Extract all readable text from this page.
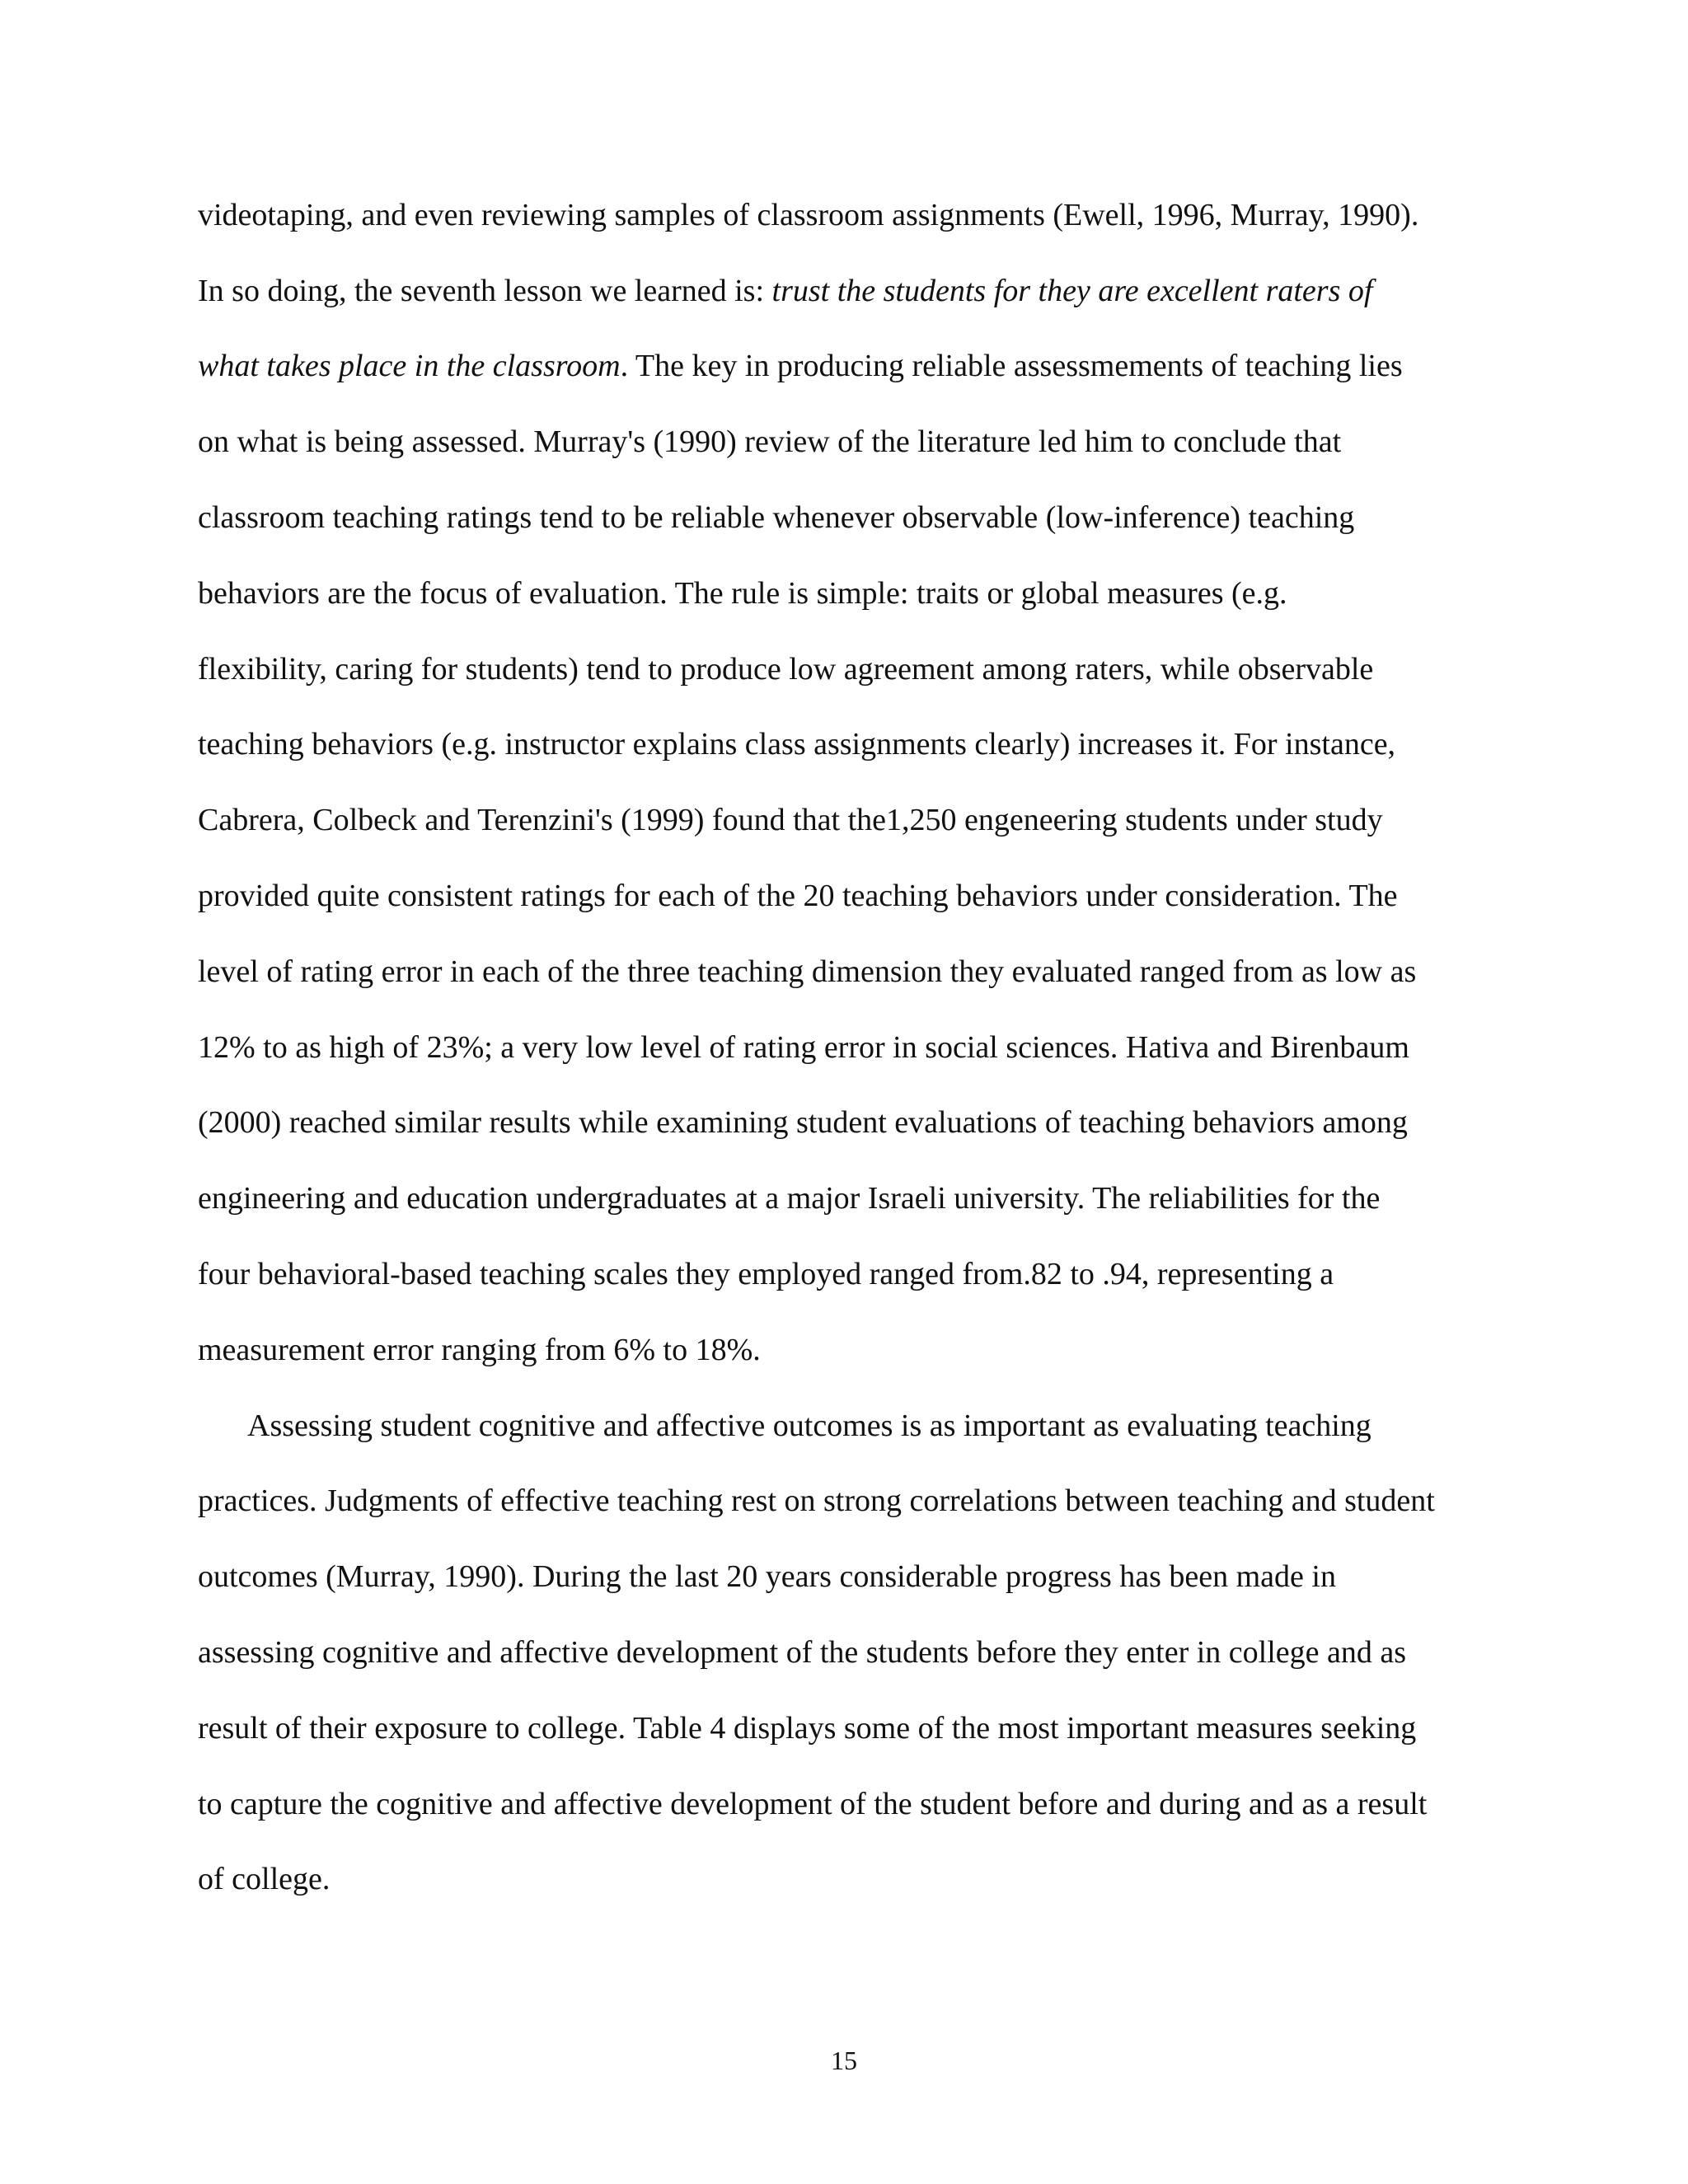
videotaping, and even reviewing samples of classroom assignments (Ewell, 1996, Murray, 1990).
In so doing, the seventh lesson we learned is: trust the students for they are excellent raters of
what takes place in the classroom. The key in producing reliable assessmements of teaching lies
on what is being assessed. Murray's (1990) review of the literature led him to conclude that
classroom teaching ratings tend to be reliable whenever observable (low-inference) teaching
behaviors are the focus of evaluation. The rule is simple: traits or global measures (e.g.
flexibility, caring for students) tend to produce low agreement among raters, while observable
teaching behaviors (e.g. instructor explains class assignments clearly) increases it. For instance,
Cabrera, Colbeck and Terenzini's (1999) found that the1,250 engeneering students under study
provided quite consistent ratings for each of the 20 teaching behaviors under consideration. The
level of rating error in each of the three teaching dimension they evaluated ranged from as low as
12% to as high of 23%; a very low level of rating error in social sciences. Hativa and Birenbaum
(2000) reached similar results while examining student evaluations of teaching behaviors among
engineering and education undergraduates at a major Israeli university. The reliabilities for the
four behavioral-based teaching scales they employed ranged from.82 to .94, representing a
measurement error ranging from 6% to 18%.
Assessing student cognitive and affective outcomes is as important as evaluating teaching
practices. Judgments of effective teaching rest on strong correlations between teaching and student
outcomes (Murray, 1990). During the last 20 years considerable progress has been made in
assessing cognitive and affective development of the students before they enter in college and as
result of their exposure to college. Table 4 displays some of the most important measures seeking
to capture the cognitive and affective development of the student before and during and as a result
of college.
15
